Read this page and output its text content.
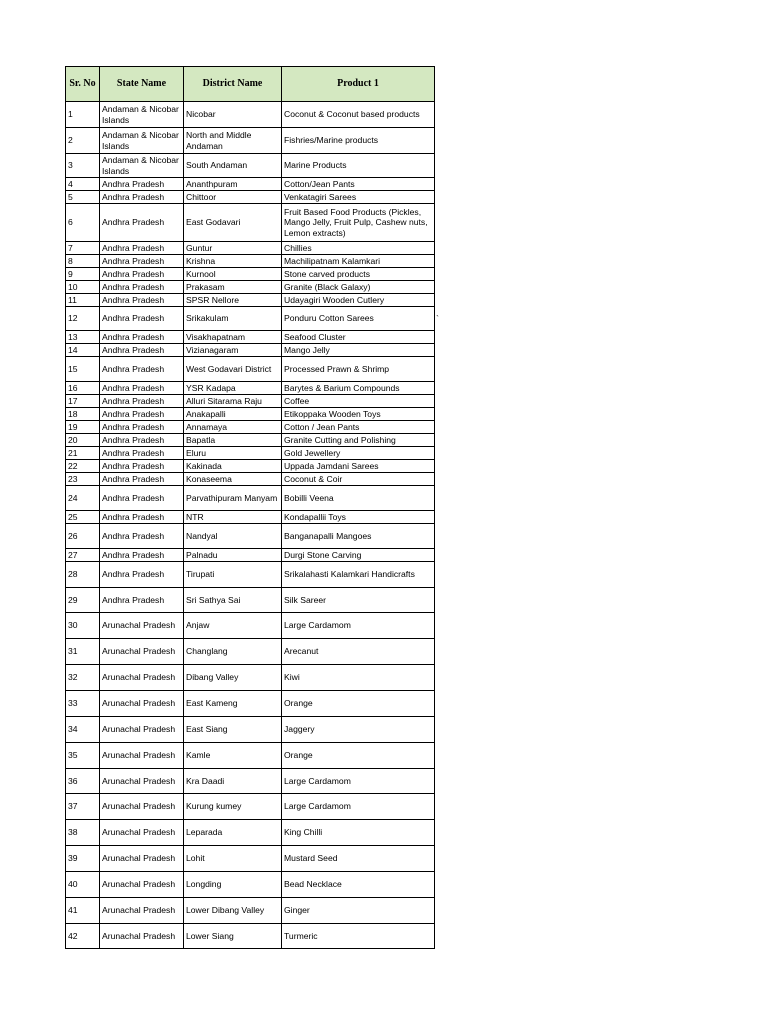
Sr. No	State Name	District Name	Product 1
1	Andaman & Nicobar Islands	Nicobar	Coconut & Coconut based products
2	Andaman & Nicobar Islands	North and Middle Andaman	Fishries/Marine products
3	Andaman & Nicobar Islands	South Andaman	Marine Products
4	Andhra Pradesh	Ananthpuram	Cotton/Jean Pants
5	Andhra Pradesh	Chittoor	Venkatagiri Sarees
6	Andhra Pradesh	East Godavari	Fruit Based Food Products (Pickles, Mango Jelly, Fruit Pulp, Cashew nuts, Lemon extracts)
7	Andhra Pradesh	Guntur	Chillies
8	Andhra Pradesh	Krishna	Machilipatnam Kalamkari
9	Andhra Pradesh	Kurnool	Stone carved products
10	Andhra Pradesh	Prakasam	Granite (Black Galaxy)
11	Andhra Pradesh	SPSR Nellore	Udayagiri Wooden Cutlery
12	Andhra Pradesh	Srikakulam	Ponduru Cotton Sarees
13	Andhra Pradesh	Visakhapatnam	Seafood Cluster
14	Andhra Pradesh	Vizianagaram	Mango Jelly
15	Andhra Pradesh	West Godavari District	Processed Prawn & Shrimp
16	Andhra Pradesh	YSR Kadapa	Barytes & Barium Compounds
17	Andhra Pradesh	Alluri Sitarama Raju	Coffee
18	Andhra Pradesh	Anakapalli	Etikoppaka Wooden Toys
19	Andhra Pradesh	Annamaya	Cotton / Jean Pants
20	Andhra Pradesh	Bapatla	Granite Cutting and Polishing
21	Andhra Pradesh	Eluru	Gold Jewellery
22	Andhra Pradesh	Kakinada	Uppada Jamdani Sarees
23	Andhra Pradesh	Konaseema	Coconut & Coir
24	Andhra Pradesh	Parvathipuram Manyam	Bobilli Veena
25	Andhra Pradesh	NTR	Kondapallii Toys
26	Andhra Pradesh	Nandyal	Banganapalli Mangoes
27	Andhra Pradesh	Palnadu	Durgi Stone Carving
28	Andhra Pradesh	Tirupati	Srikalahasti Kalamkari Handicrafts
29	Andhra Pradesh	Sri Sathya Sai	Silk Sareer
30	Arunachal Pradesh	Anjaw	Large Cardamom
31	Arunachal Pradesh	Changlang	Arecanut
32	Arunachal Pradesh	Dibang Valley	Kiwi
33	Arunachal Pradesh	East Kameng	Orange
34	Arunachal Pradesh	East Siang	Jaggery
35	Arunachal Pradesh	Kamle	Orange
36	Arunachal Pradesh	Kra Daadi	Large Cardamom
37	Arunachal Pradesh	Kurung kumey	Large Cardamom
38	Arunachal Pradesh	Leparada	King Chilli
39	Arunachal Pradesh	Lohit	Mustard Seed
40	Arunachal Pradesh	Longding	Bead Necklace
41	Arunachal Pradesh	Lower Dibang Valley	Ginger
42	Arunachal Pradesh	Lower Siang	Turmeric
`
